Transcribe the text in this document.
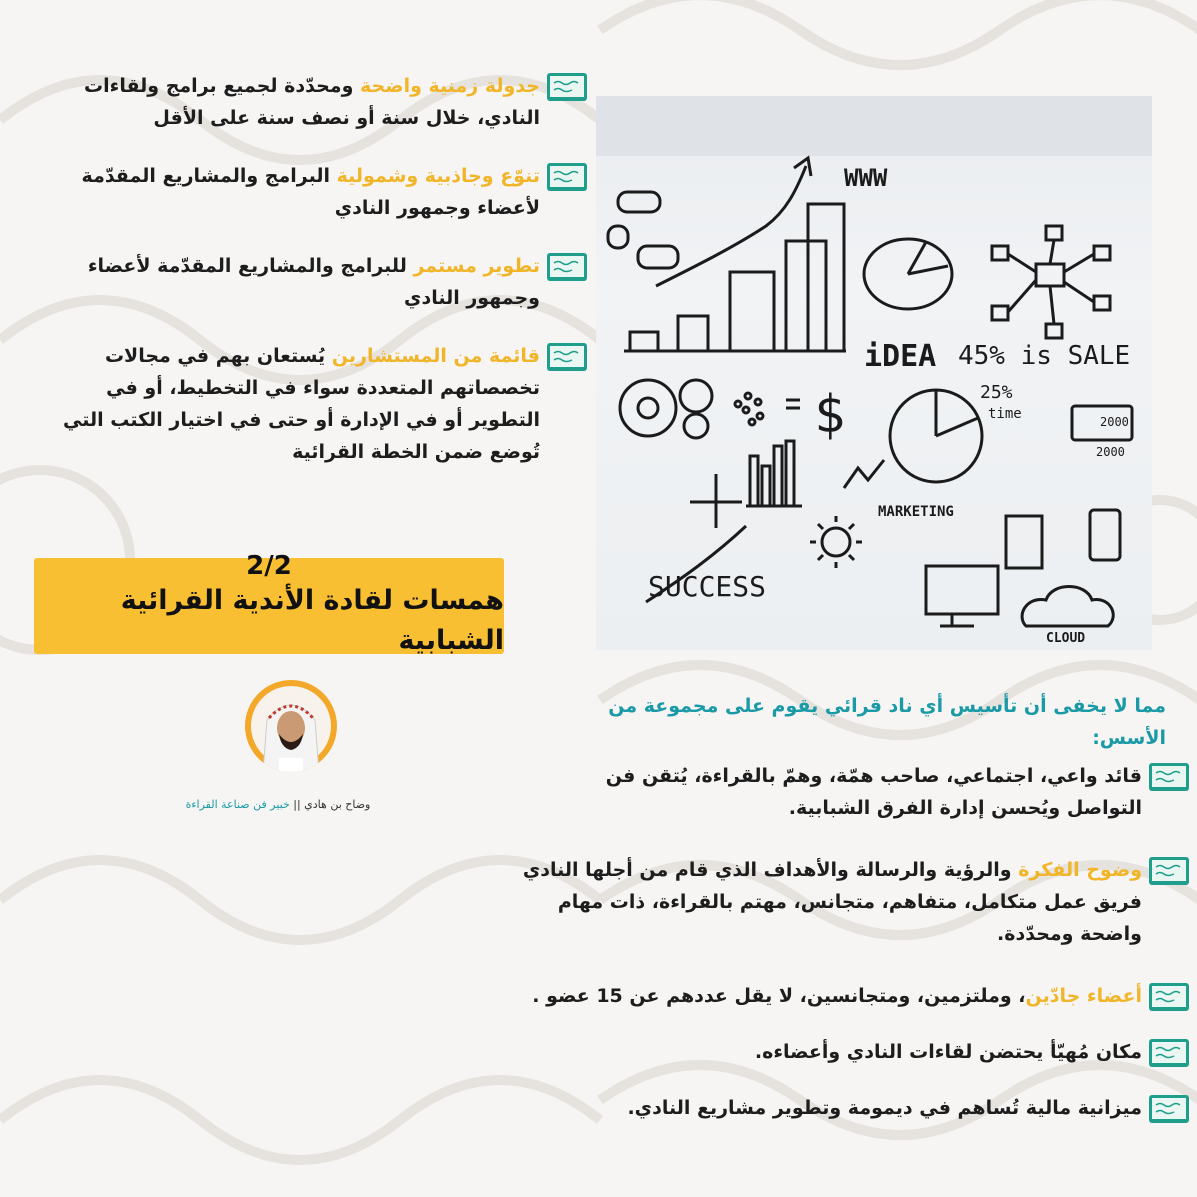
جدولة زمنية واضحة ومحدّدة لجميع برامج ولقاءات النادي، خلال سنة أو نصف سنة على الأقل
تنوّع وجاذبية وشمولية البرامج والمشاريع المقدّمة لأعضاء وجمهور النادي
تطوير مستمر للبرامج والمشاريع المقدّمة لأعضاء وجمهور النادي
قائمة من المستشارين يُستعان بهم في مجالات تخصصاتهم المتعددة سواء في التخطيط، أو في التطوير أو في الإدارة أو حتى في اختيار الكتب التي تُوضع ضمن الخطة القرائية
WWW
iDEA 45% is SALE
25%
time
$
MARKETING
SUCCESS
CLOUD
2000
2000
2/2
همسات لقادة الأندية القرائية الشبابية
وضاح بن هادي || خبير فن صناعة القراءة
مما لا يخفى أن تأسيس أي ناد قرائي يقوم على مجموعة من الأسس:
قائد واعي، اجتماعي، صاحب همّة، وهمّ بالقراءة، يُتقن فن التواصل ويُحسن إدارة الفرق الشبابية.
وضوح الفكرة والرؤية والرسالة والأهداف الذي قام من أجلها النادي فريق عمل متكامل، متفاهم، متجانس، مهتم بالقراءة، ذات مهام واضحة ومحدّدة.
أعضاء جادّين، وملتزمين، ومتجانسين، لا يقل عددهم عن 15 عضو .
مكان مُهيّأ يحتضن لقاءات النادي وأعضاءه.
ميزانية مالية تُساهم في ديمومة وتطوير مشاريع النادي.
